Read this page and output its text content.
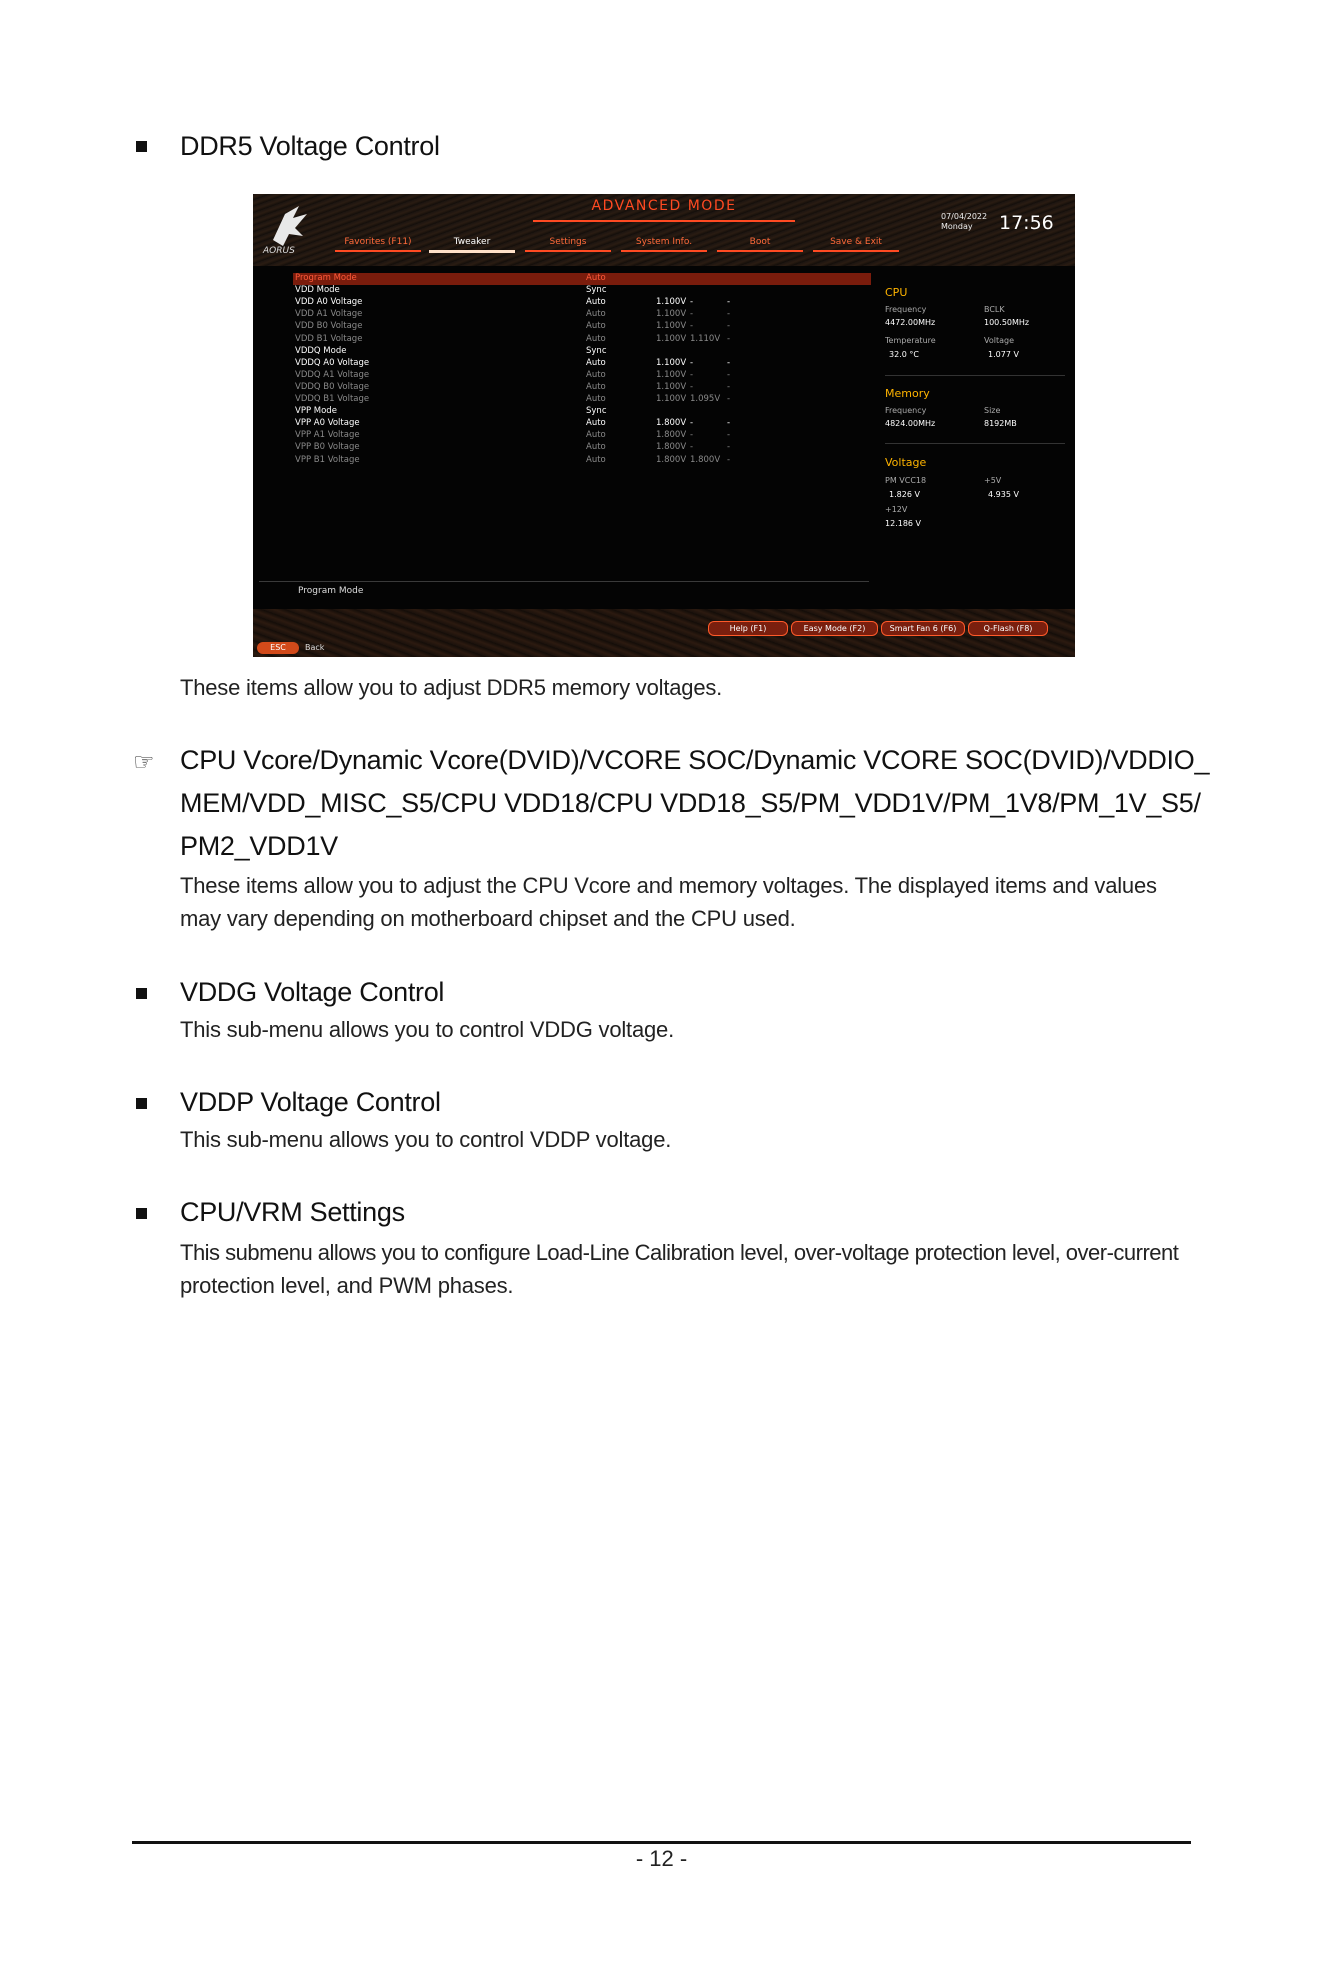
DDR5 Voltage Control
AORUS
ADVANCED MODE
Favorites (F11)	Tweaker	Settings	System Info.	Boot	Save & Exit
07/04/2022
Monday	17:56
Program Mode	Auto
VDD Mode	Sync
VDD A0 Voltage	Auto	1.100V -	-
VDD A1 Voltage	Auto	1.100V -	-
VDD B0 Voltage	Auto	1.100V -	-
VDD B1 Voltage	Auto	1.100V 1.110V -
VDDQ Mode	Sync
VDDQ A0 Voltage	Auto	1.100V -	-
VDDQ A1 Voltage	Auto	1.100V -	-
VDDQ B0 Voltage	Auto	1.100V -	-
VDDQ B1 Voltage	Auto	1.100V 1.095V -
VPP Mode	Sync
VPP A0 Voltage	Auto	1.800V -	-
VPP A1 Voltage	Auto	1.800V -	-
VPP B0 Voltage	Auto	1.800V -	-
VPP B1 Voltage	Auto	1.800V 1.800V -
CPU
Frequency	BCLK
4472.00MHz	100.50MHz
Temperature	Voltage
32.0 °C	1.077 V
Memory
Frequency	Size
4824.00MHz	8192MB
Voltage
PM VCC18	+5V
1.826 V	4.935 V
+12V
12.186 V
Program Mode
Help (F1)	Easy Mode (F2)	Smart Fan 6 (F6)	Q-Flash (F8)
ESC	Back
These items allow you to adjust DDR5 memory voltages.
☞ CPU Vcore/Dynamic Vcore(DVID)/VCORE SOC/Dynamic VCORE SOC(DVID)/VDDIO_
MEM/VDD_MISC_S5/CPU VDD18/CPU VDD18_S5/PM_VDD1V/PM_1V8/PM_1V_S5/
PM2_VDD1V
These items allow you to adjust the CPU Vcore and memory voltages. The displayed items and values
may vary depending on motherboard chipset and the CPU used.
VDDG Voltage Control
This sub-menu allows you to control VDDG voltage.
VDDP Voltage Control
This sub-menu allows you to control VDDP voltage.
CPU/VRM Settings
This submenu allows you to configure Load-Line Calibration level, over-voltage protection level, over-current
protection level, and PWM phases.
- 12 -
